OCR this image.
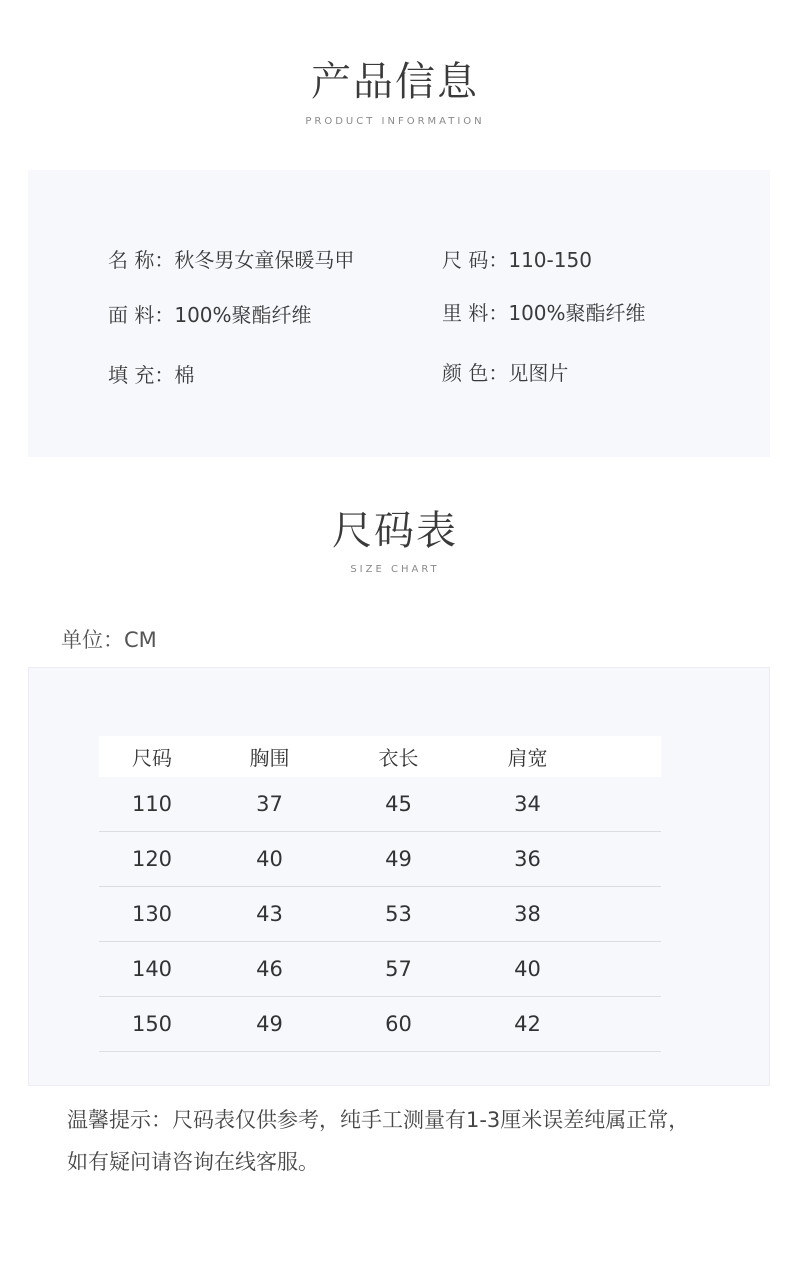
产品信息
PRODUCT INFORMATION
名 称：秋冬男女童保暖马甲	尺 码：110-150
面 料：100%聚酯纤维	里 料：100%聚酯纤维
填 充：棉	颜 色：见图片
尺码表
SIZE CHART
单位：CM
尺码	胸围	衣长	肩宽
110	37	45	34
120	40	49	36
130	43	53	38
140	46	57	40
150	49	60	42
温馨提示：尺码表仅供参考，纯手工测量有1-3厘米误差纯属正常，
如有疑问请咨询在线客服。
